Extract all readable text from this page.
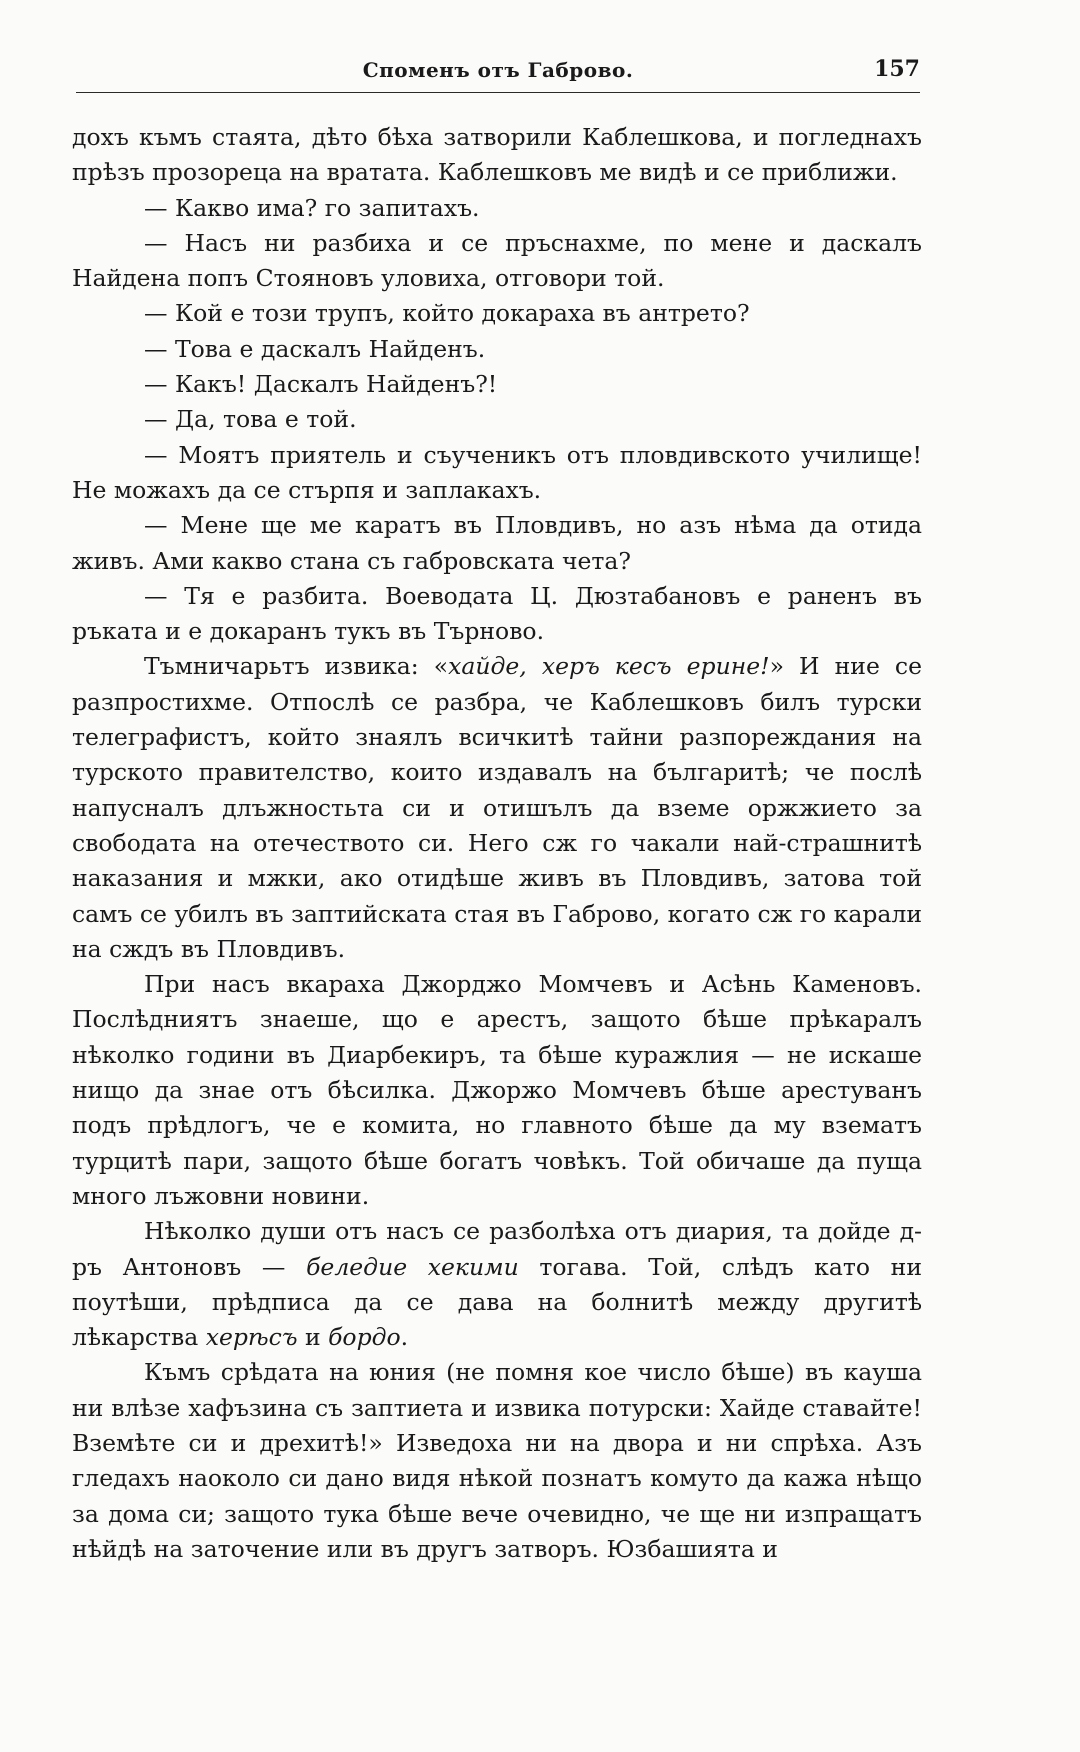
Споменъ отъ Габрово.	157

дохъ къмъ стаята, дѣто бѣха затворили Каблешкова, и погледнахъ прѣзъ прозореца на вратата. Каблешковъ ме видѣ и се приближи.

— Какво има? го запитахъ.

— Насъ ни разбиха и се пръснахме, по мене и даскалъ Найдена попъ Стояновъ уловиха, отговори той.

— Кой е този трупъ, който докараха въ антрето?

— Това е даскалъ Найденъ.

— Какъ! Даскалъ Найденъ?!

— Да, това е той.

— Моятъ приятель и съученикъ отъ пловдивското училище! Не можахъ да се стърпя и заплакахъ.

— Мене ще ме каратъ въ Пловдивъ, но азъ нѣма да отида живъ. Ами какво стана съ габровската чета?

— Тя е разбита. Воеводата Ц. Дюзтабановъ е раненъ въ ръката и е докаранъ тукъ въ Търново.

Тъмничарьтъ извика: «хайде, херъ кесъ ерине!» И ние се разпростихме. Отпослѣ се разбра, че Каблешковъ билъ турски телеграфистъ, който знаялъ всичкитѣ тайни разпореждания на турското правителство, които издавалъ на българитѣ; че послѣ напусналъ длъжностьта си и отишълъ да вземе оржжието за свободата на отечеството си. Него сж го чакали най-страшнитѣ наказания и мжки, ако отидѣше живъ въ Пловдивъ, затова той самъ се убилъ въ заптийската стая въ Габрово, когато сж го карали на сждъ въ Пловдивъ.

При насъ вкараха Джорджо Момчевъ и Асѣнь Каменовъ. Послѣдниятъ знаеше, що е арестъ, защото бѣше прѣкаралъ нѣколко години въ Диарбекиръ, та бѣше куражлия — не искаше нищо да знае отъ бѣсилка. Джоржо Момчевъ бѣше арестуванъ подъ прѣдлогъ, че е комита, но главното бѣше да му взематъ турцитѣ пари, защото бѣше богатъ човѣкъ. Той обичаше да пуща много лъжовни новини.

Нѣколко души отъ насъ се разболѣха отъ диария, та дойде д-ръ Антоновъ — беледие хекими тогава. Той, слѣдъ като ни поутѣши, прѣдписа да се дава на болнитѣ между другитѣ лѣкарства херѣсъ и бордо.

Къмъ срѣдата на юния (не помня кое число бѣше) въ кауша ни влѣзе хафъзина съ заптиета и извика потурски: Хайде ставайте! Вземѣте си и дрехитѣ!» Изведоха ни на двора и ни спрѣха. Азъ гледахъ наоколо си дано видя нѣкой познатъ комуто да кажа нѣщо за дома си; защото тука бѣше вече очевидно, че ще ни изпращатъ нѣйдѣ на заточение или въ другъ затворъ. Юзбашията и
